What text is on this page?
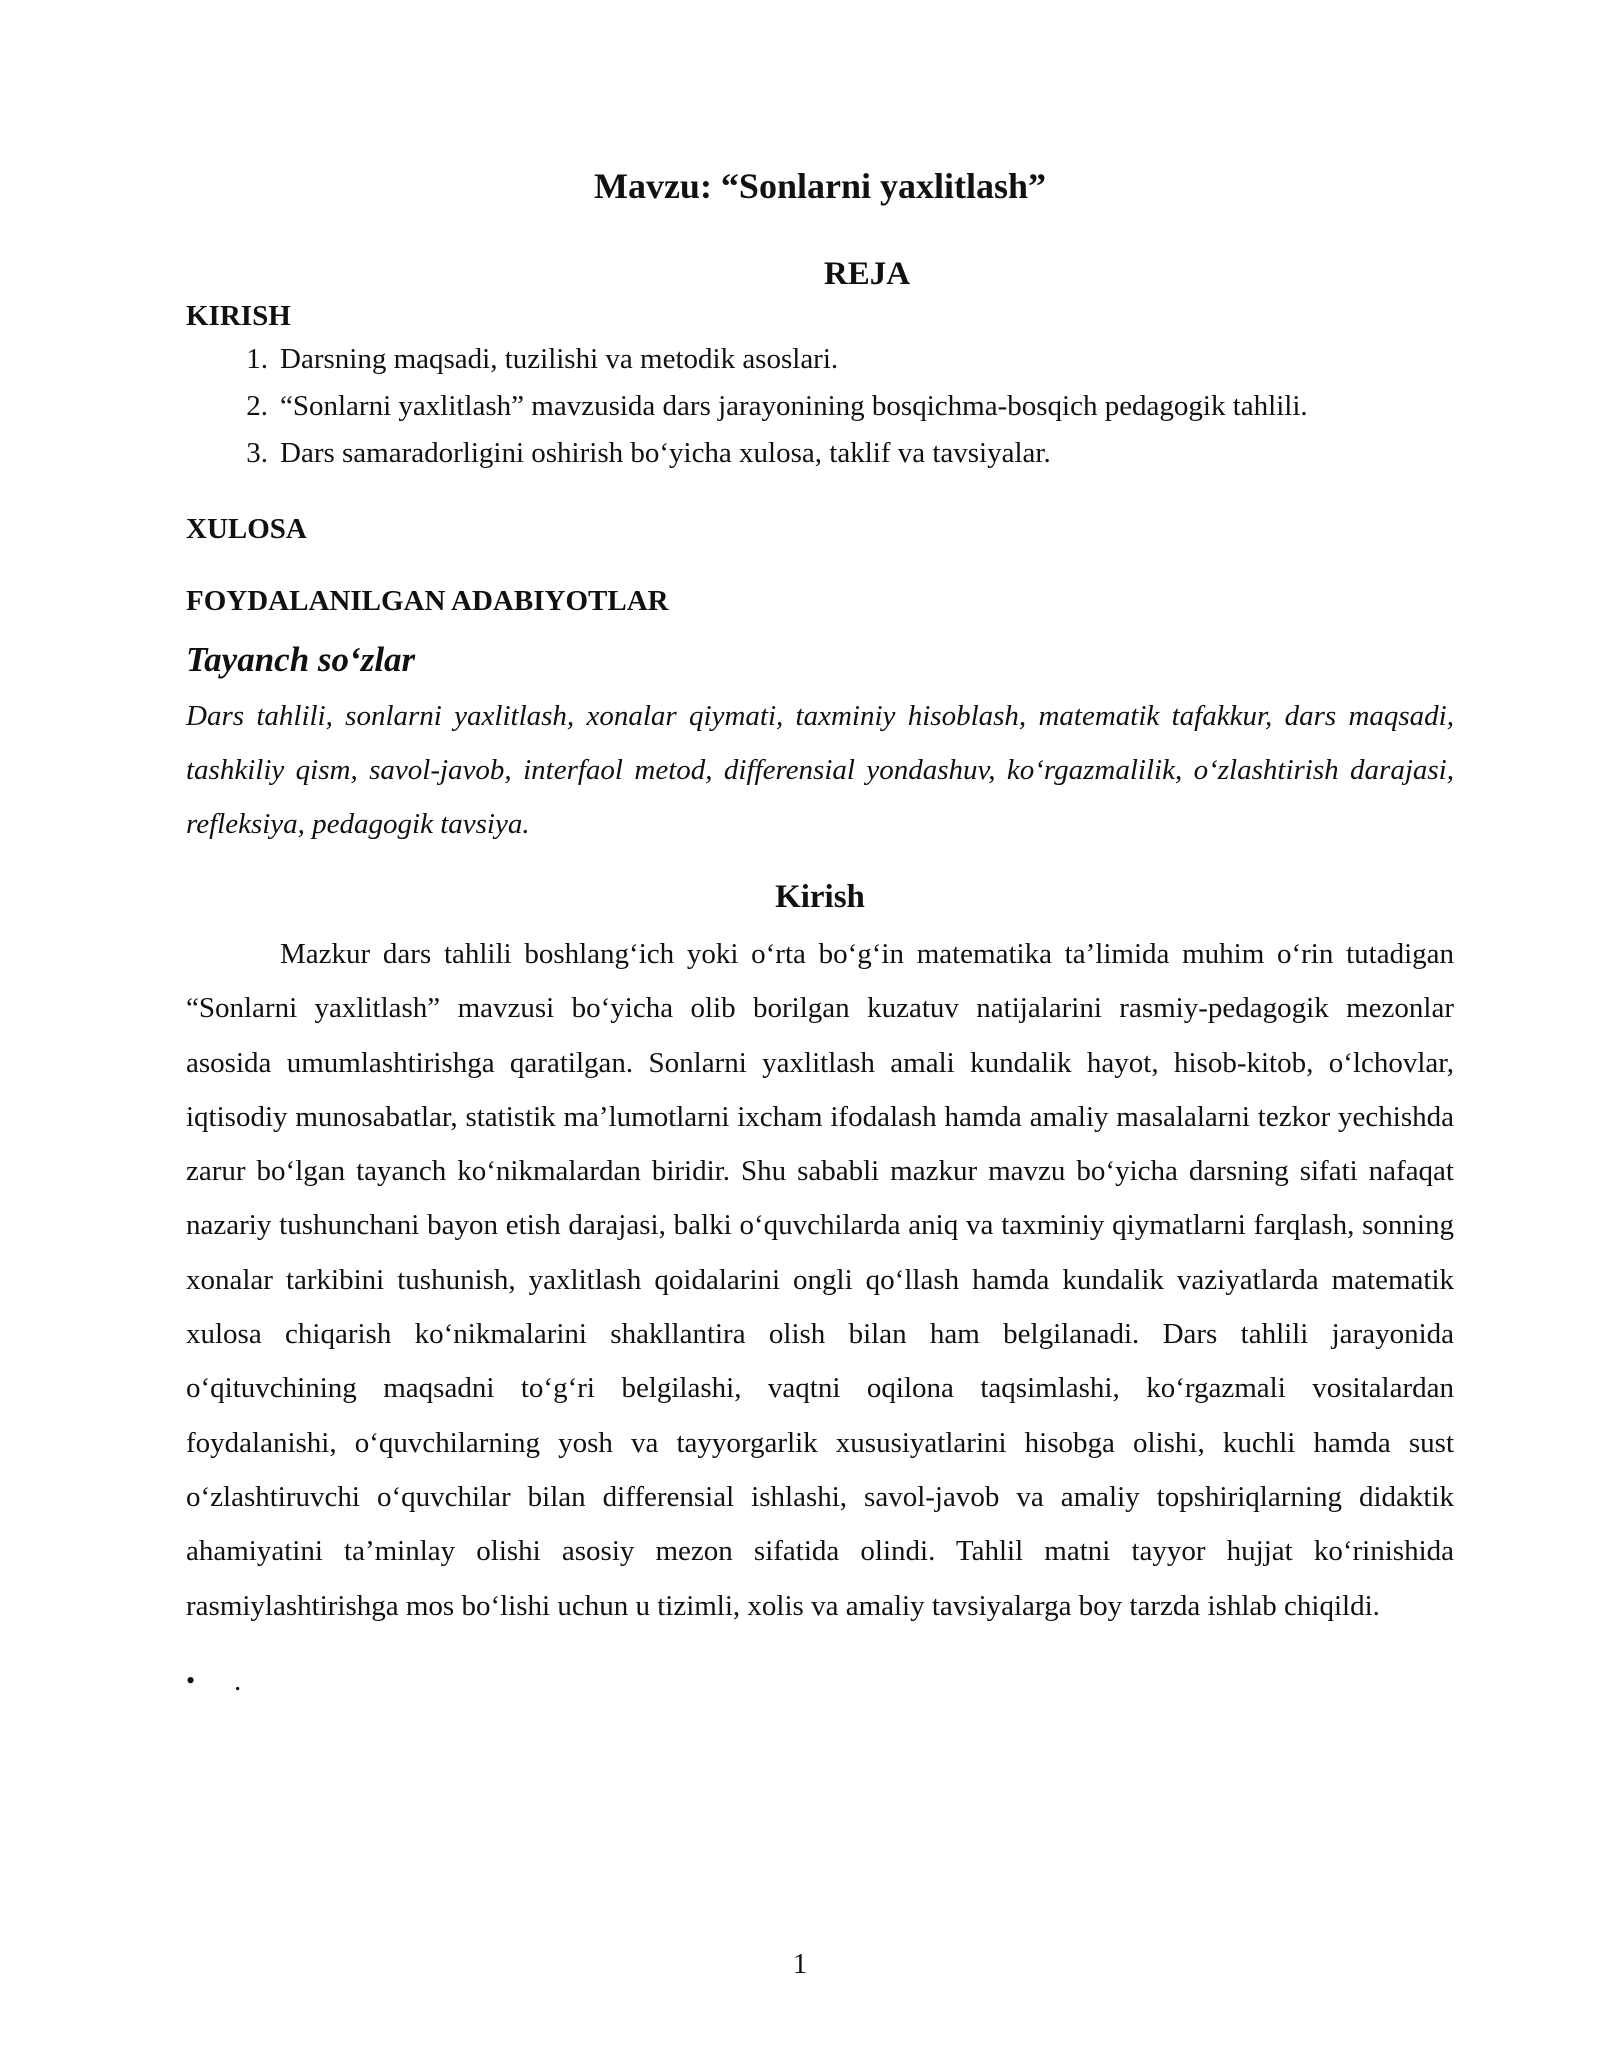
Mavzu: “Sonlarni yaxlitlash”
REJA
KIRISH
1. Darsning maqsadi, tuzilishi va metodik asoslari.
2. “Sonlarni yaxlitlash” mavzusida dars jarayonining bosqichma-bosqich pedagogik tahlili.
3. Dars samaradorligini oshirish bo‘yicha xulosa, taklif va tavsiyalar.
XULOSA
FOYDALANILGAN ADABIYOTLAR
Tayanch so‘zlar

Dars tahlili, sonlarni yaxlitlash, xonalar qiymati, taxminiy hisoblash, matematik tafakkur, dars maqsadi, tashkiliy qism, savol-javob, interfaol metod, differensial yondashuv, ko‘rgazmalilik, o‘zlashtirish darajasi, refleksiya, pedagogik tavsiya.

Kirish

Mazkur dars tahlili boshlang‘ich yoki o‘rta bo‘g‘in matematika ta’limida muhim o‘rin tutadigan “Sonlarni yaxlitlash” mavzusi bo‘yicha olib borilgan kuzatuv natijalarini rasmiy-pedagogik mezonlar asosida umumlashtirishga qaratilgan. Sonlarni yaxlitlash amali kundalik hayot, hisob-kitob, o‘lchovlar, iqtisodiy munosabatlar, statistik ma’lumotlarni ixcham ifodalash hamda amaliy masalalarni tezkor yechishda zarur bo‘lgan tayanch ko‘nikmalardan biridir. Shu sababli mazkur mavzu bo‘yicha darsning sifati nafaqat nazariy tushunchani bayon etish darajasi, balki o‘quvchilarda aniq va taxminiy qiymatlarni farqlash, sonning xonalar tarkibini tushunish, yaxlitlash qoidalarini ongli qo‘llash hamda kundalik vaziyatlarda matematik xulosa chiqarish ko‘nikmalarini shakllantira olish bilan ham belgilanadi. Dars tahlili jarayonida o‘qituvchining maqsadni to‘g‘ri belgilashi, vaqtni oqilona taqsimlashi, ko‘rgazmali vositalardan foydalanishi, o‘quvchilarning yosh va tayyorgarlik xususiyatlarini hisobga olishi, kuchli hamda sust o‘zlashtiruvchi o‘quvchilar bilan differensial ishlashi, savol-javob va amaliy topshiriqlarning didaktik ahamiyatini ta’minlay olishi asosiy mezon sifatida olindi. Tahlil matni tayyor hujjat ko‘rinishida rasmiylashtirishga mos bo‘lishi uchun u tizimli, xolis va amaliy tavsiyalarga boy tarzda ishlab chiqildi.

•	.
1
